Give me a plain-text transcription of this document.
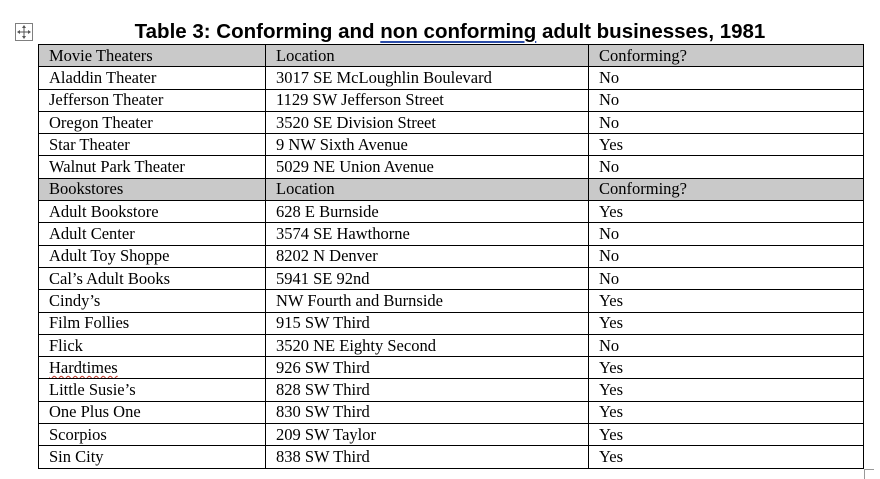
Table 3: Conforming and non conforming adult businesses, 1981
Movie Theaters	Location	Conforming?
Aladdin Theater	3017 SE McLoughlin Boulevard	No
Jefferson Theater	1129 SW Jefferson Street	No
Oregon Theater	3520 SE Division Street	No
Star Theater	9 NW Sixth Avenue	Yes
Walnut Park Theater	5029 NE Union Avenue	No
Bookstores	Location	Conforming?
Adult Bookstore	628 E Burnside	Yes
Adult Center	3574 SE Hawthorne	No
Adult Toy Shoppe	8202 N Denver	No
Cal’s Adult Books	5941 SE 92nd	No
Cindy’s	NW Fourth and Burnside	Yes
Film Follies	915 SW Third	Yes
Flick	3520 NE Eighty Second	No
Hardtimes	926 SW Third	Yes
Little Susie’s	828 SW Third	Yes
One Plus One	830 SW Third	Yes
Scorpios	209 SW Taylor	Yes
Sin City	838 SW Third	Yes
